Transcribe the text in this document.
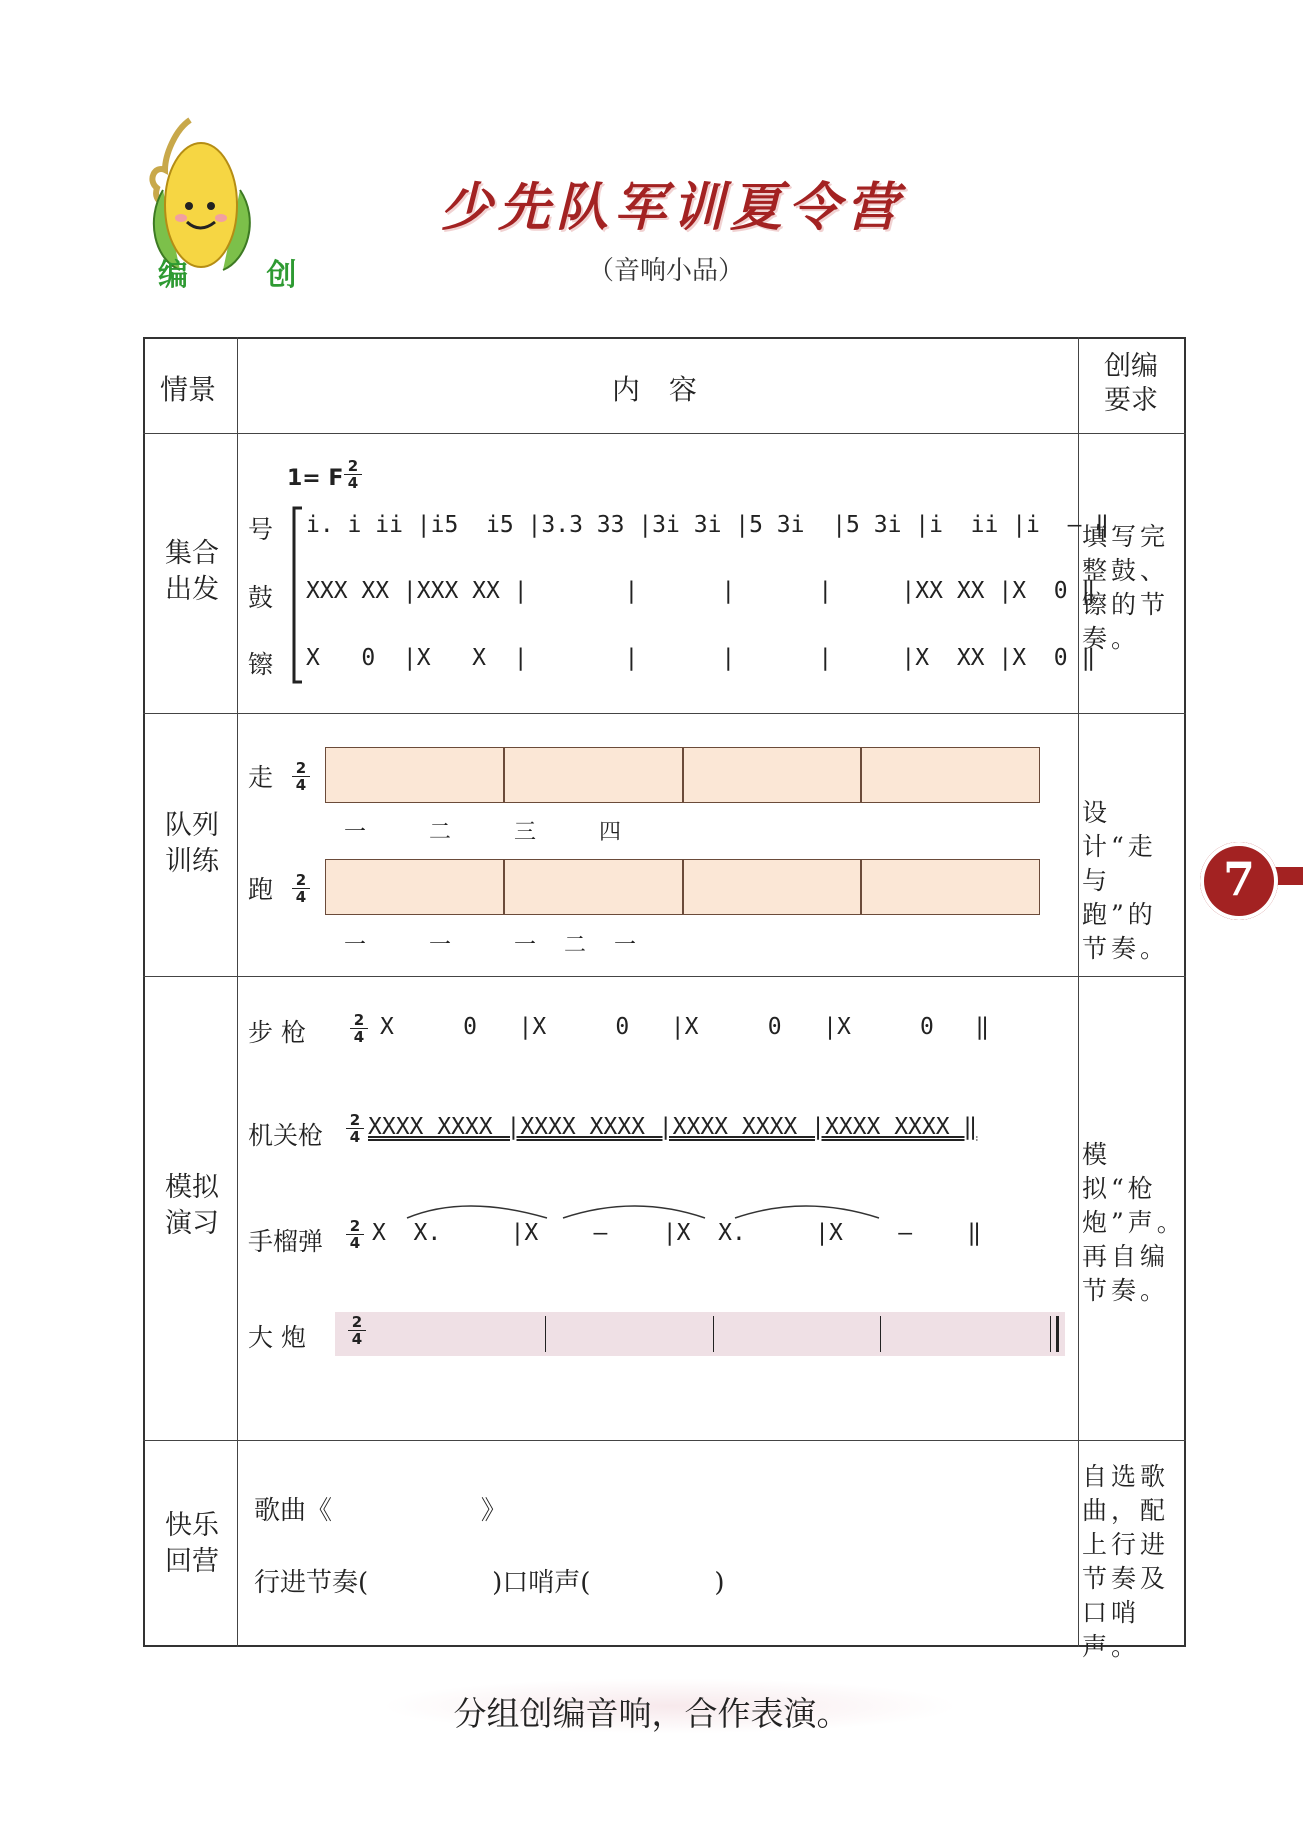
编 创
少先队军训夏令营
（音响小品）
情景	内 容
创编要求
集合出发
1= F 2
4
号
鼓
镲
i. i ii |i5  i5 |3.3 33 |3i 3i |5 3i  |5 3i |i  ii |i  – ‖
XXX XX |XXX XX |       |      |      |     |XX XX |X  0 ‖
X   0  |X   X  |       |      |      |     |X  XX |X  0 ‖
填写完整鼓、镲的节奏。
队列训练
走 2
4
一 二 三 四
跑 2
4
一 一 一二一
设计“走与跑”的节奏。
模拟演习
步 枪	2
4 X     0   |X     0   |X     0   |X     0   ‖
机关枪
2
4 XXXX XXXX |XXXX XXXX |XXXX XXXX |XXXX XXXX ‖
手榴弹
2
4 X  X.     |X    –    |X  X.     |X    –    ‖
大 炮
2
4
模拟“枪炮”声。再自编节奏。
快乐回营
歌曲《                  》
行进节奏(               )口哨声(               )
自选歌曲，配上行进节奏及口哨声。
7
分组创编音响，合作表演。
